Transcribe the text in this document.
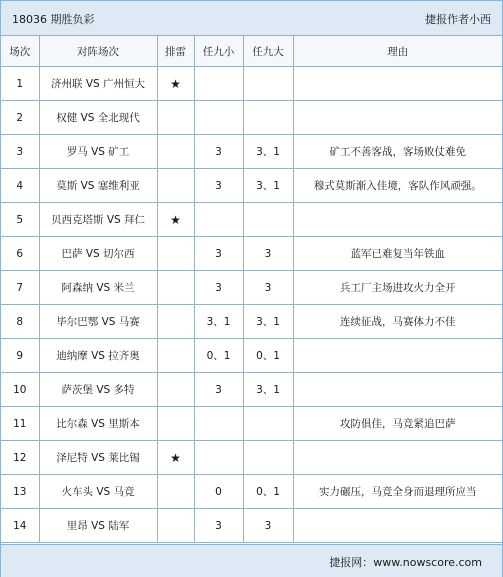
18036 期胜负彩	捷报作者小西
场次	对阵场次	排雷	任九小	任九大	理由
1	济州联 VS 广州恒大	★			
2	权健 VS 全北现代				
3	罗马 VS 矿工		3	3、1	矿工不善客战，客场败仗难免
4	莫斯 VS 塞维利亚		3	3、1	穆式莫斯渐入佳境，客队作风顽强。
5	贝西克塔斯 VS 拜仁	★			
6	巴萨 VS 切尔西		3	3	蓝军已难复当年铁血
7	阿森纳 VS 米兰		3	3	兵工厂主场进攻火力全开
8	毕尔巴鄂 VS 马赛		3、1	3、1	连续征战，马赛体力不佳
9	迪纳摩 VS 拉齐奥		0、1	0、1	
10	萨茨堡 VS 多特		3	3、1	
11	比尔森 VS 里斯本				攻防俱佳，马竞紧追巴萨
12	泽尼特 VS 莱比锡	★			
13	火车头 VS 马竞		0	0、1	实力碾压，马竞全身而退理所应当
14	里昂 VS 陆军		3	3	
捷报网：www.nowscore.com
